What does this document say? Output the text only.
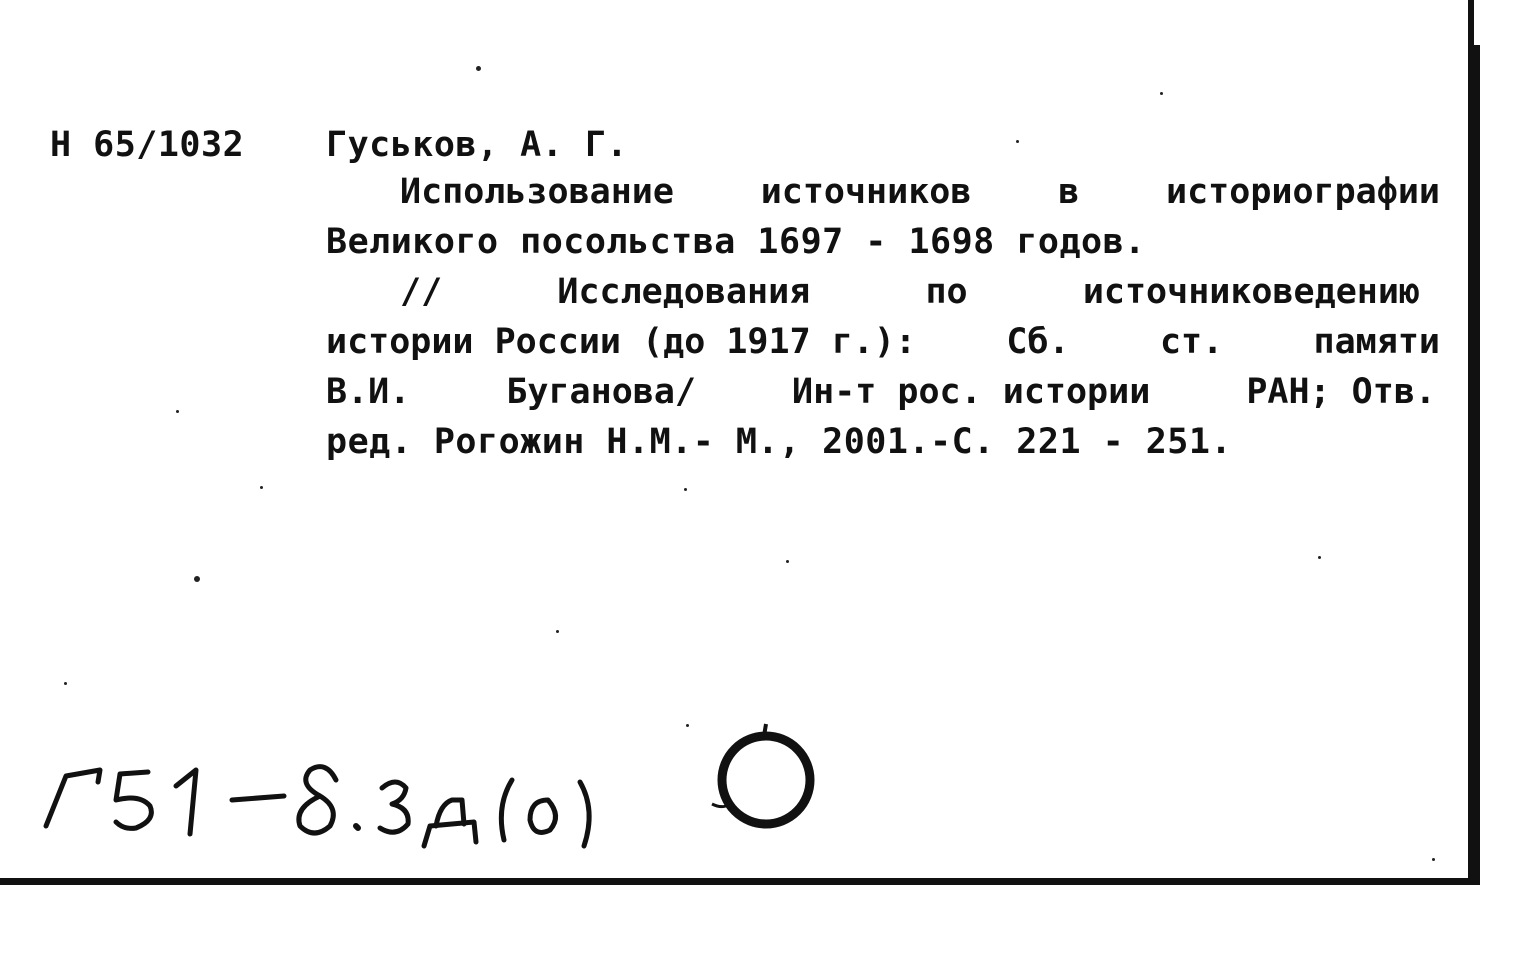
Н 65/1032 Гуськов, А. Г.
Использование источников в историографии
Великого посольства 1697 - 1698 годов.
//	Исследования	по	источниковедению
истории России (до 1917 г.):	Сб.	ст.	памяти
В.И.	Буганова/	Ин-т рос. истории	РАН; Отв.
ред. Рогожин Н.М.- М., 2001.-С. 221 - 251.
